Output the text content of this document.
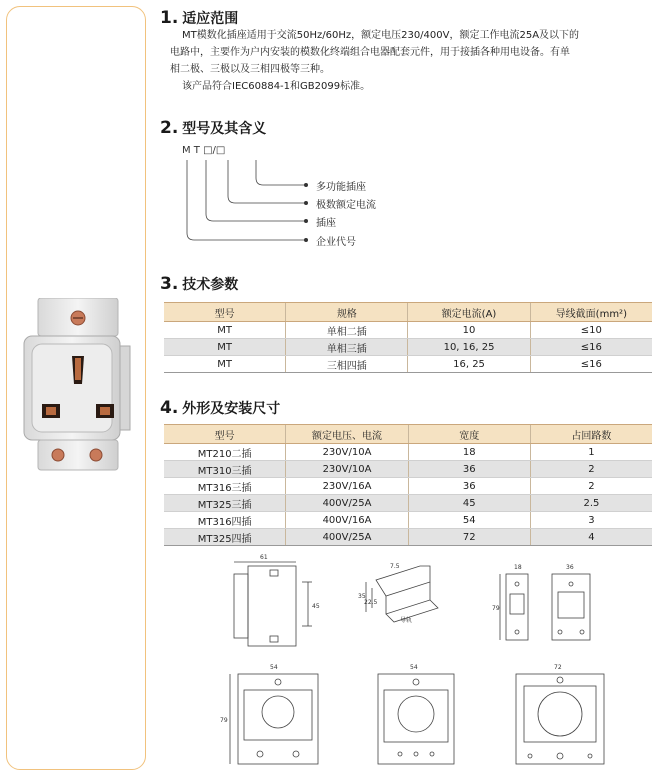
1. 适应范围
MT模数化插座适用于交流50Hz/60Hz，额定电压230/400V，额定工作电流25A及以下的
电路中，主要作为户内安装的模数化终端组合电器配套元件，用于接插各种用电设备。有单
相二极、三极以及三相四极等三种。
该产品符合IEC60884-1和GB2099标准。
2. 型号及其含义
M T □/□
多功能插座
极数额定电流
插座
企业代号
3. 技术参数
型号	规格	额定电流(A)	导线截面(mm²)
MT	单相二插	10	≤10
MT	单相三插	10, 16, 25	≤16
MT	三相四插	16, 25	≤16
4. 外形及安装尺寸
型号	额定电压、电流	宽度	占回路数
MT210二插	230V/10A	18	1
MT310三插	230V/10A	36	2
MT316三插	230V/16A	36	2
MT325三插	400V/25A	45	2.5
MT316四插	400V/16A	54	3
MT325四插	400V/25A	72	4
61
45
7.5
35
22.5
导轨
18	36
79
54
79
54	72
